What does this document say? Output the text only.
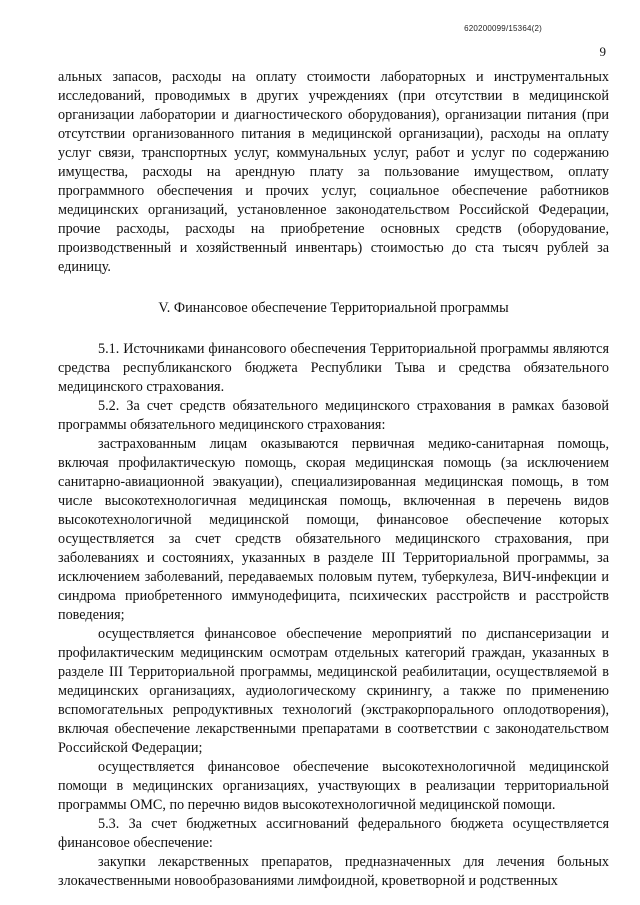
620200099/15364(2)
9

альных запасов, расходы на оплату стоимости лабораторных и инструментальных исследований, проводимых в других учреждениях (при отсутствии в медицинской организации лаборатории и диагностического оборудования), организации питания (при отсутствии организованного питания в медицинской организации), расходы на оплату услуг связи, транспортных услуг, коммунальных услуг, работ и услуг по содержанию имущества, расходы на арендную плату за пользование имуществом, оплату программного обеспечения и прочих услуг, социальное обеспечение работников медицинских организаций, установленное законодательством Российской Федерации, прочие расходы, расходы на приобретение основных средств (оборудование, производственный и хозяйственный инвентарь) стоимостью до ста тысяч рублей за единицу.

V. Финансовое обеспечение Территориальной программы

5.1. Источниками финансового обеспечения Территориальной программы являются средства республиканского бюджета Республики Тыва и средства обязательного медицинского страхования.

5.2. За счет средств обязательного медицинского страхования в рамках базовой программы обязательного медицинского страхования:

застрахованным лицам оказываются первичная медико-санитарная помощь, включая профилактическую помощь, скорая медицинская помощь (за исключением санитарно-авиационной эвакуации), специализированная медицинская помощь, в том числе высокотехнологичная медицинская помощь, включенная в перечень видов высокотехнологичной медицинской помощи, финансовое обеспечение которых осуществляется за счет средств обязательного медицинского страхования, при заболеваниях и состояниях, указанных в разделе III Территориальной программы, за исключением заболеваний, передаваемых половым путем, туберкулеза, ВИЧ-инфекции и синдрома приобретенного иммунодефицита, психических расстройств и расстройств поведения;

осуществляется финансовое обеспечение мероприятий по диспансеризации и профилактическим медицинским осмотрам отдельных категорий граждан, указанных в разделе III Территориальной программы, медицинской реабилитации, осуществляемой в медицинских организациях, аудиологическому скринингу, а также по применению вспомогательных репродуктивных технологий (экстракорпорального оплодотворения), включая обеспечение лекарственными препаратами в соответствии с законодательством Российской Федерации;

осуществляется финансовое обеспечение высокотехнологичной медицинской помощи в медицинских организациях, участвующих в реализации территориальной программы ОМС, по перечню видов высокотехнологичной медицинской помощи.

5.3. За счет бюджетных ассигнований федерального бюджета осуществляется финансовое обеспечение:

закупки лекарственных препаратов, предназначенных для лечения больных злокачественными новообразованиями лимфоидной, кроветворной и родственных
